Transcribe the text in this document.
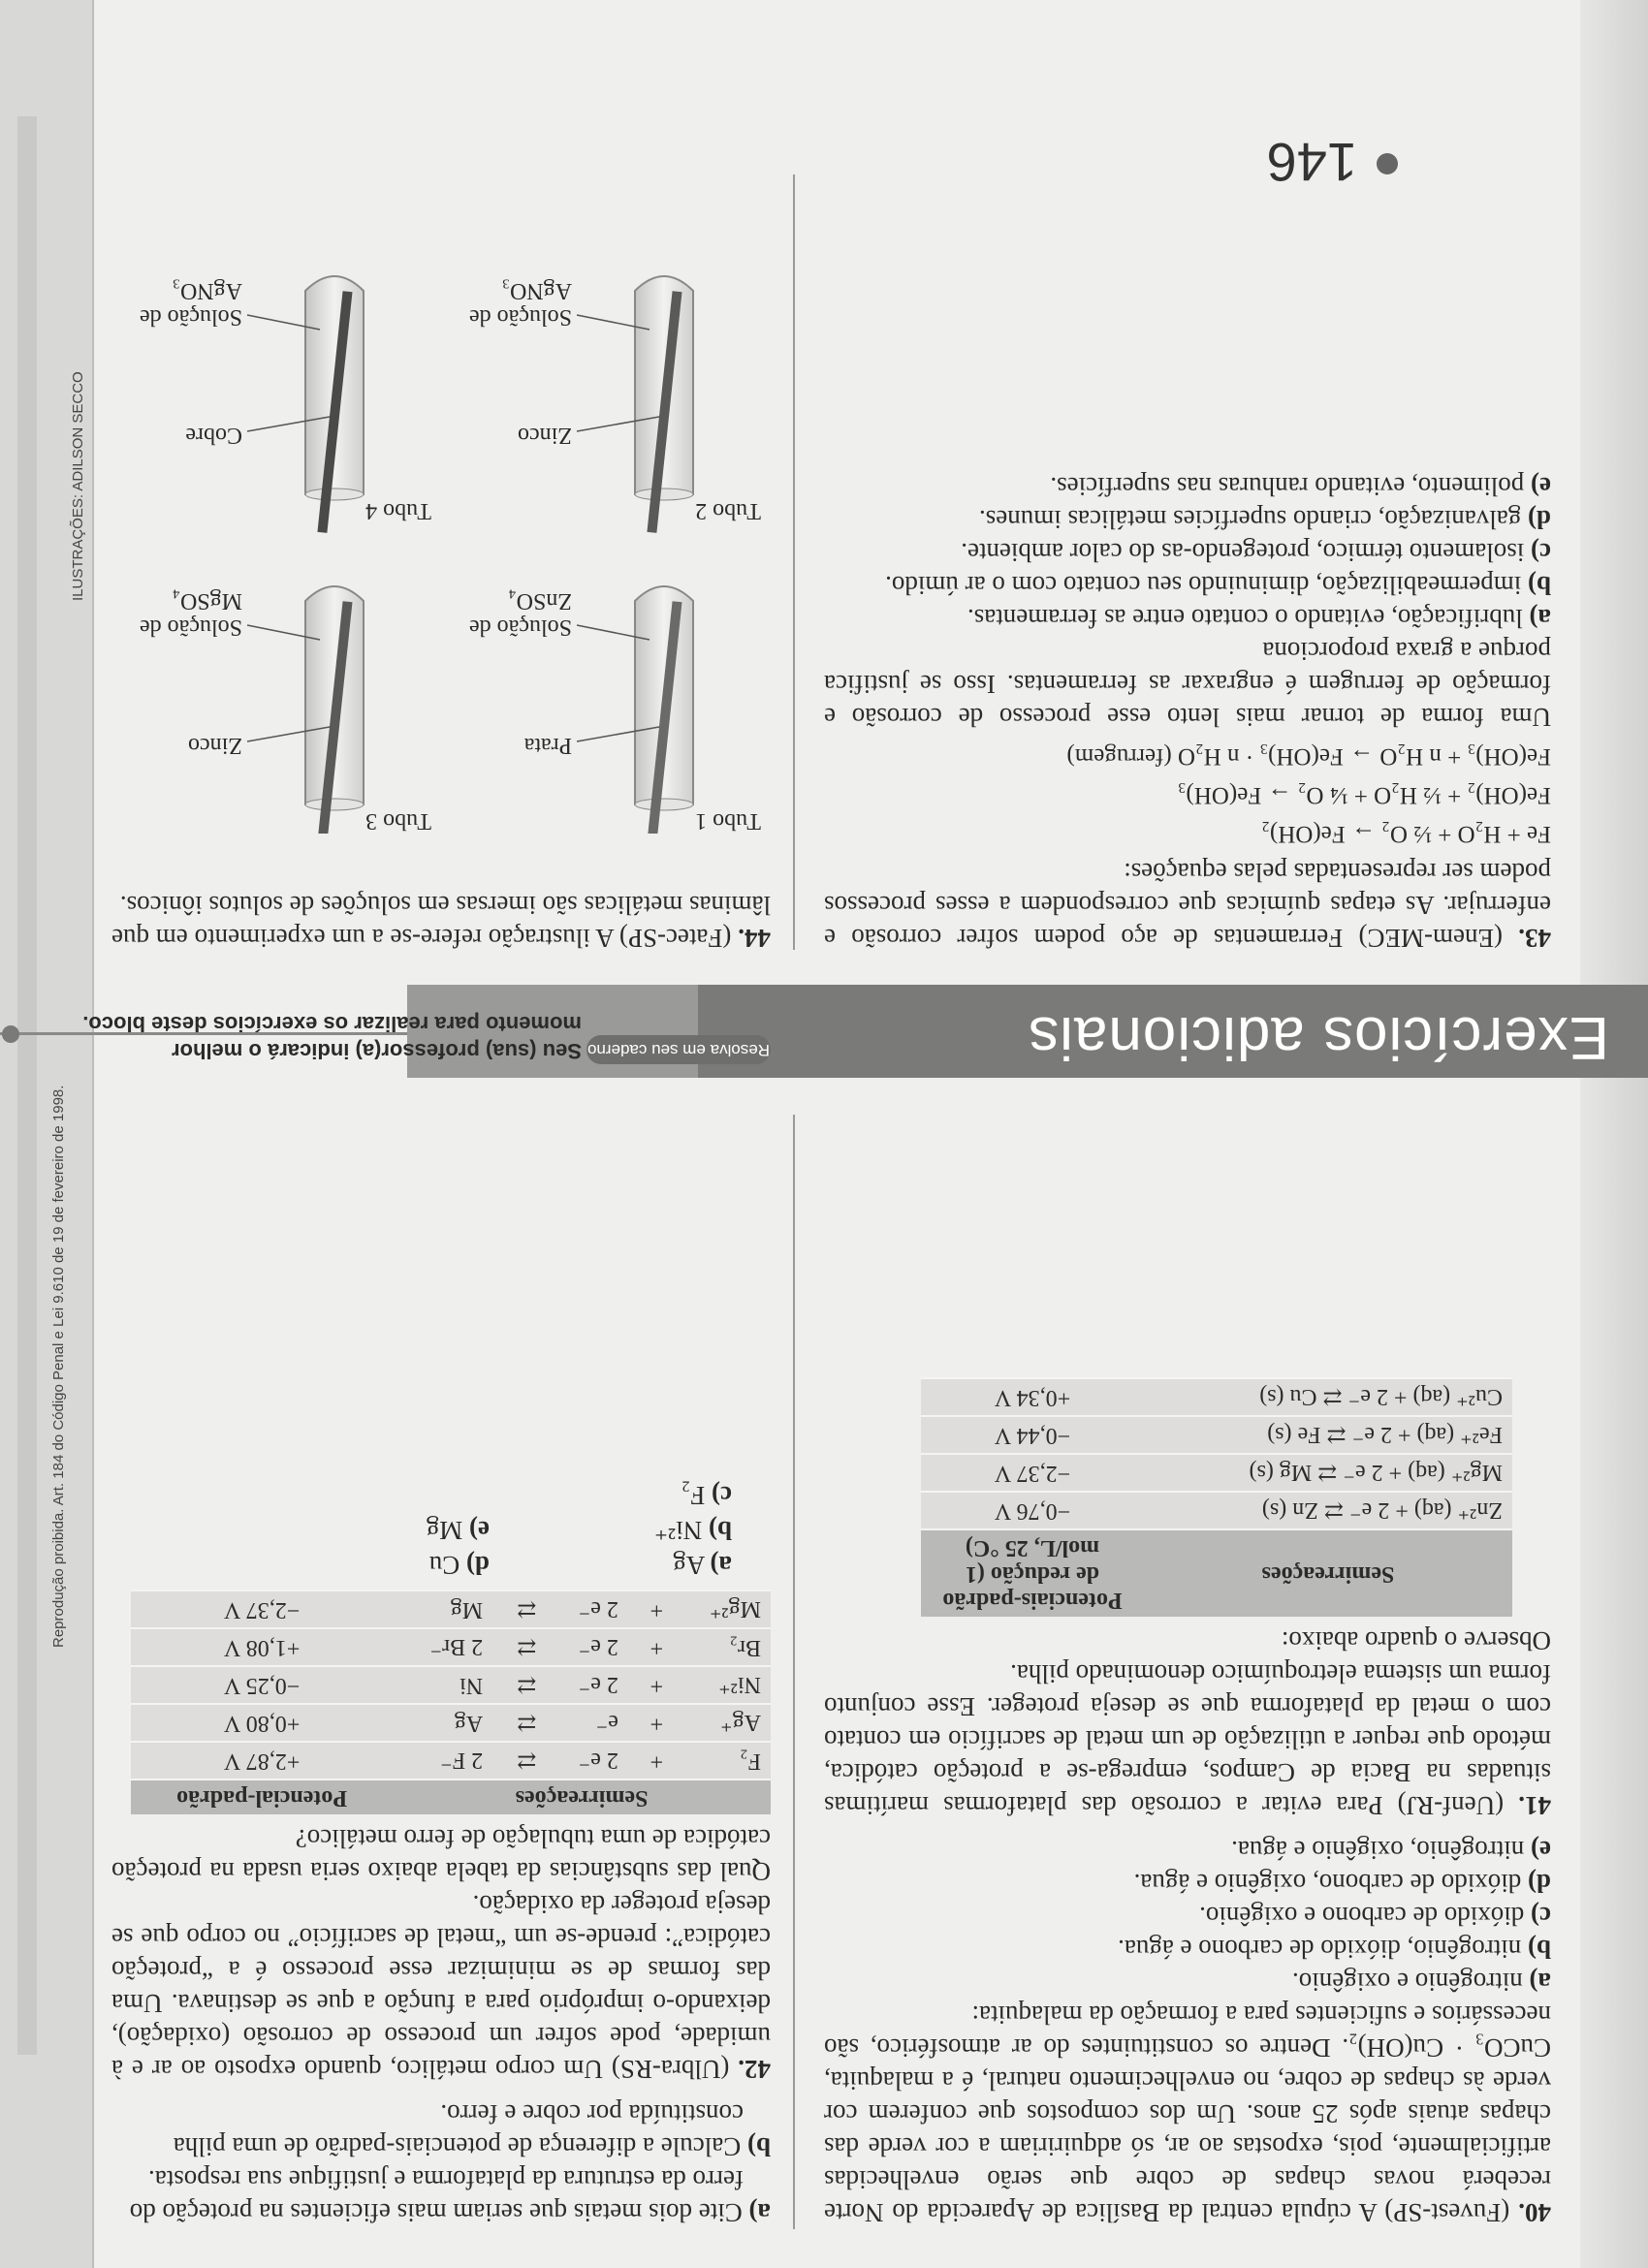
146
Exercícios adicionais
Resolva em seu caderno
Seu (sua) professor(a) indicará o melhor momento para realizar os exercícios deste bloco.

43. (Enem-MEC) Ferramentas de aço podem sofrer corrosão e enferrujar. As etapas químicas que correspondem a esses processos podem ser representadas pelas equações:

Fe + H₂O + ½ O₂ → Fe(OH)₂
Fe(OH)₂ + ½ H₂O + ¼ O₂ → Fe(OH)₃
Fe(OH)₃ + n H₂O → Fe(OH)₃ · n H₂O (ferrugem)

Uma forma de tornar mais lento esse processo de corrosão e formação de ferrugem é engraxar as ferramentas. Isso se justifica porque a graxa proporciona

a) lubrificação, evitando o contato entre as ferramentas.

b) impermeabilização, diminuindo seu contato com o ar úmido.

c) isolamento térmico, protegendo-as do calor ambiente.

d) galvanização, criando superfícies metálicas imunes.

e) polimento, evitando ranhuras nas superfícies.

44. (Fatec-SP) A ilustração refere-se a um experimento em que lâminas metálicas são imersas em soluções de solutos iônicos.

Tubo 1
Prata
Solução de ZnSO₄
Tubo 2
Zinco
Solução de AgNO₃
Tubo 3
Zinco
Solução de MgSO₄
Tubo 4
Cobre
Solução de AgNO₃
ILUSTRAÇÕES: ADILSON SECCO
Reprodução proibida. Art. 184 do Código Penal e Lei 9.610 de 19 de fevereiro de 1998.

40. (Fuvest-SP) A cúpula central da Basílica de Aparecida do Norte receberá novas chapas de cobre que serão envelhecidas artificialmente, pois, expostas ao ar, só adquiririam a cor verde das chapas atuais após 25 anos. Um dos compostos que conferem cor verde às chapas de cobre, no envelhecimento natural, é a malaquita, CuCO₃ · Cu(OH)₂. Dentre os constituintes do ar atmosférico, são necessários e suficientes para a formação da malaquita:

a) nitrogênio e oxigênio.

b) nitrogênio, dióxido de carbono e água.

c) dióxido de carbono e oxigênio.

d) dióxido de carbono, oxigênio e água.

e) nitrogênio, oxigênio e água.

41. (Uenf-RJ) Para evitar a corrosão das plataformas marítimas situadas na Bacia de Campos, emprega-se a proteção catódica, método que requer a utilização de um metal de sacrifício em contato com o metal da plataforma que se deseja proteger. Esse conjunto forma um sistema eletroquímico denominado pilha.

Observe o quadro abaixo:

Semirreações	Potenciais-padrão de redução (1 mol/L, 25 °C)
Zn²⁺ (aq) + 2 e⁻ ⇄ Zn (s)	−0,76 V
Mg²⁺ (aq) + 2 e⁻ ⇄ Mg (s)	−2,37 V
Fe²⁺ (aq) + 2 e⁻ ⇄ Fe (s)	−0,44 V
Cu²⁺ (aq) + 2 e⁻ ⇄ Cu (s)	+0,34 V

a) Cite dois metais que seriam mais eficientes na proteção do ferro da estrutura da plataforma e justifique sua resposta.

b) Calcule a diferença de potenciais-padrão de uma pilha constituída por cobre e ferro.

42. (Ulbra-RS) Um corpo metálico, quando exposto ao ar e à umidade, pode sofrer um processo de corrosão (oxidação), deixando-o impróprio para a função a que se destinava. Uma das formas de se minimizar esse processo é a “proteção catódica”: prende-se um “metal de sacrifício” no corpo que se deseja proteger da oxidação.

Qual das substâncias da tabela abaixo seria usada na proteção catódica de uma tubulação de ferro metálico?

Semirreações					Potencial-padrão
F₂	+	2 e⁻	⇄	2 F⁻	+2,87 V
Ag⁺	+	e⁻	⇄	Ag	+0,80 V
Ni²⁺	+	2 e⁻	⇄	Ni	−0,25 V
Br₂	+	2 e⁻	⇄	2 Br⁻	+1,08 V
Mg²⁺	+	2 e⁻	⇄	Mg	−2,37 V

a) Ag

d) Cu

b) Ni²⁺

e) Mg

c) F₂
